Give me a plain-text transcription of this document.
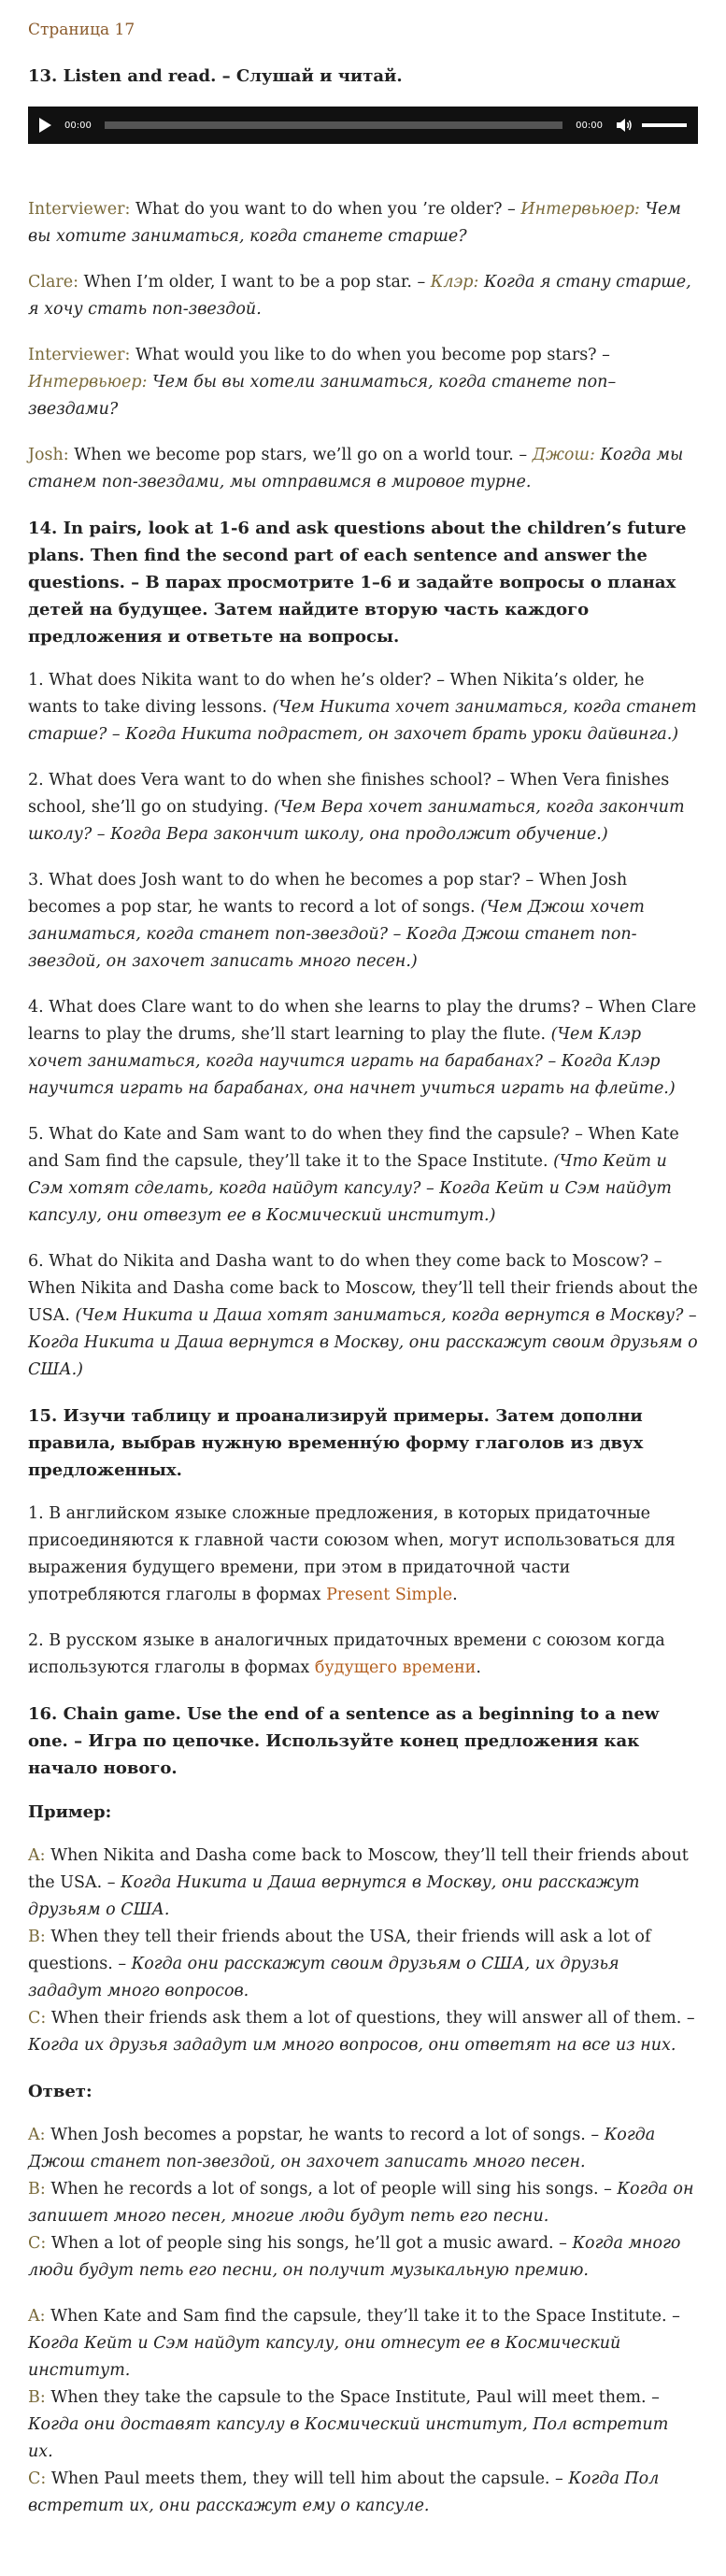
Страница 17
13. Listen and read. – Слушай и читай.
00:00	00:00

Interviewer: What do you want to do when you ’re older? – Интервьюер: Чем вы хотите заниматься, когда станете старше?

Clare: When I’m older, I want to be a pop star. – Клэр: Когда я стану старше, я хочу стать поп-звездой.

Interviewer: What would you like to do when you become pop stars? – Интервьюер: Чем бы вы хотели заниматься, когда станете поп–звездами?

Josh: When we become pop stars, we’ll go on a world tour. – Джош: Когда мы станем поп-звездами, мы отправимся в мировое турне.

14. In pairs, look at 1-6 and ask questions about the children’s future plans. Then find the second part of each sentence and answer the questions. – В парах просмотрите 1–6 и задайте вопросы о планах детей на будущее. Затем найдите вторую часть каждого предложения и ответьте на вопросы.

1. What does Nikita want to do when he’s older? – When Nikita’s older, he wants to take diving lessons. (Чем Никита хочет заниматься, когда станет старше? – Когда Никита подрастет, он захочет брать уроки дайвинга.)

2. What does Vera want to do when she finishes school? – When Vera finishes school, she’ll go on studying. (Чем Вера хочет заниматься, когда закончит школу? – Когда Вера закончит школу, она продолжит обучение.)

3. What does Josh want to do when he becomes a pop star? – When Josh becomes a pop star, he wants to record a lot of songs. (Чем Джош хочет заниматься, когда станет поп-звездой? – Когда Джош станет поп-звездой, он захочет записать много песен.)

4. What does Clare want to do when she learns to play the drums? – When Clare learns to play the drums, she’ll start learning to play the flute. (Чем Клэр хочет заниматься, когда научится играть на барабанах? – Когда Клэр научится играть на барабанах, она начнет учиться играть на флейте.)

5. What do Kate and Sam want to do when they find the capsule? – When Kate and Sam find the capsule, they’ll take it to the Space Institute. (Что Кейт и Сэм хотят сделать, когда найдут капсулу? – Когда Кейт и Сэм найдут капсулу, они отвезут ее в Космический институт.)

6. What do Nikita and Dasha want to do when they come back to Moscow? – When Nikita and Dasha come back to Moscow, they’ll tell their friends about the USA. (Чем Никита и Даша хотят заниматься, когда вернутся в Москву? – Когда Никита и Даша вернутся в Москву, они расскажут своим друзьям о США.)

15. Изучи таблицу и проанализируй примеры. Затем дополни правила, выбрав нужную временну́ю форму глаголов из двух предложенных.

1. В английском языке сложные предложения, в которых придаточные присоединяются к главной части союзом when, могут использоваться для выражения будущего времени, при этом в придаточной части употребляются глаголы в формах Present Simple.

2. В русском языке в аналогичных придаточных времени с союзом когда используются глаголы в формах будущего времени.

16. Chain game. Use the end of a sentence as a beginning to a new one. – Игра по цепочке. Используйте конец предложения как начало нового.
Пример:

A: When Nikita and Dasha come back to Moscow, they’ll tell their friends about the USA. – Когда Никита и Даша вернутся в Москву, они расскажут друзьям о США.

B: When they tell their friends about the USA, their friends will ask a lot of questions. – Когда они расскажут своим друзьям о США, их друзья зададут много вопросов.

C: When their friends ask them a lot of questions, they will answer all of them. – Когда их друзья зададут им много вопросов, они ответят на все из них.

Ответ:

A: When Josh becomes a popstar, he wants to record a lot of songs. – Когда Джош станет поп-звездой, он захочет записать много песен.

B: When he records a lot of songs, a lot of people will sing his songs. – Когда он запишет много песен, многие люди будут петь его песни.

C: When a lot of people sing his songs, he’ll got a music award. – Когда много люди будут петь его песни, он получит музыкальную премию.

A: When Kate and Sam find the capsule, they’ll take it to the Space Institute. – Когда Кейт и Сэм найдут капсулу, они отнесут ее в Космический институт.

B: When they take the capsule to the Space Institute, Paul will meet them. – Когда они доставят капсулу в Космический институт, Пол встретит их.

C: When Paul meets them, they will tell him about the capsule. – Когда Пол встретит их, они расскажут ему о капсуле.
